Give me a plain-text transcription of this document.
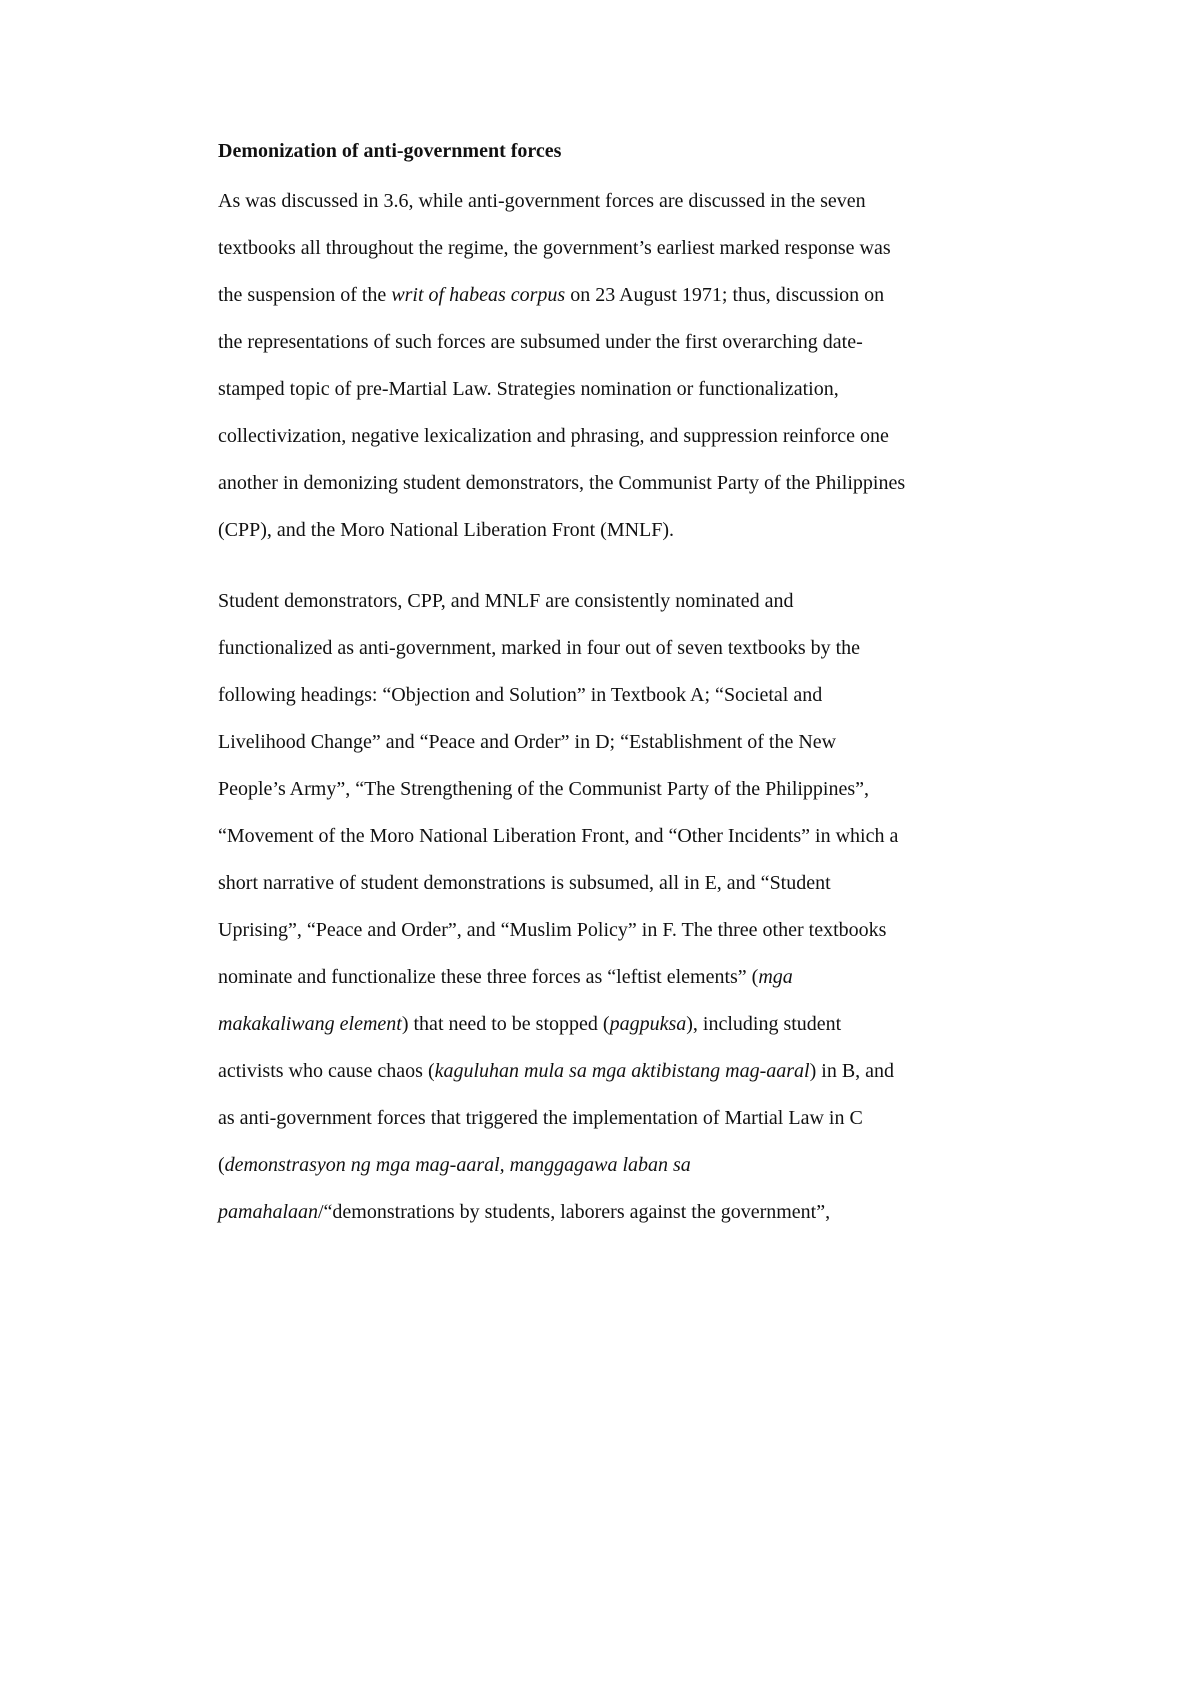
Demonization of anti-government forces

As was discussed in 3.6, while anti-government forces are discussed in the seven

textbooks all throughout the regime, the government’s earliest marked response was

the suspension of the writ of habeas corpus on 23 August 1971; thus, discussion on

the representations of such forces are subsumed under the first overarching date-

stamped topic of pre-Martial Law. Strategies nomination or functionalization,

collectivization, negative lexicalization and phrasing, and suppression reinforce one

another in demonizing student demonstrators, the Communist Party of the Philippines

(CPP), and the Moro National Liberation Front (MNLF).

Student demonstrators, CPP, and MNLF are consistently nominated and

functionalized as anti-government, marked in four out of seven textbooks by the

following headings: “Objection and Solution” in Textbook A; “Societal and

Livelihood Change” and “Peace and Order” in D; “Establishment of the New

People’s Army”, “The Strengthening of the Communist Party of the Philippines”,

“Movement of the Moro National Liberation Front, and “Other Incidents” in which a

short narrative of student demonstrations is subsumed, all in E, and “Student

Uprising”, “Peace and Order”, and “Muslim Policy” in F. The three other textbooks

nominate and functionalize these three forces as “leftist elements” (mga

makakaliwang element) that need to be stopped (pagpuksa), including student

activists who cause chaos (kaguluhan mula sa mga aktibistang mag-aaral) in B, and

as anti-government forces that triggered the implementation of Martial Law in C

(demonstrasyon ng mga mag-aaral, manggagawa laban sa

pamahalaan/“demonstrations by students, laborers against the government”,
